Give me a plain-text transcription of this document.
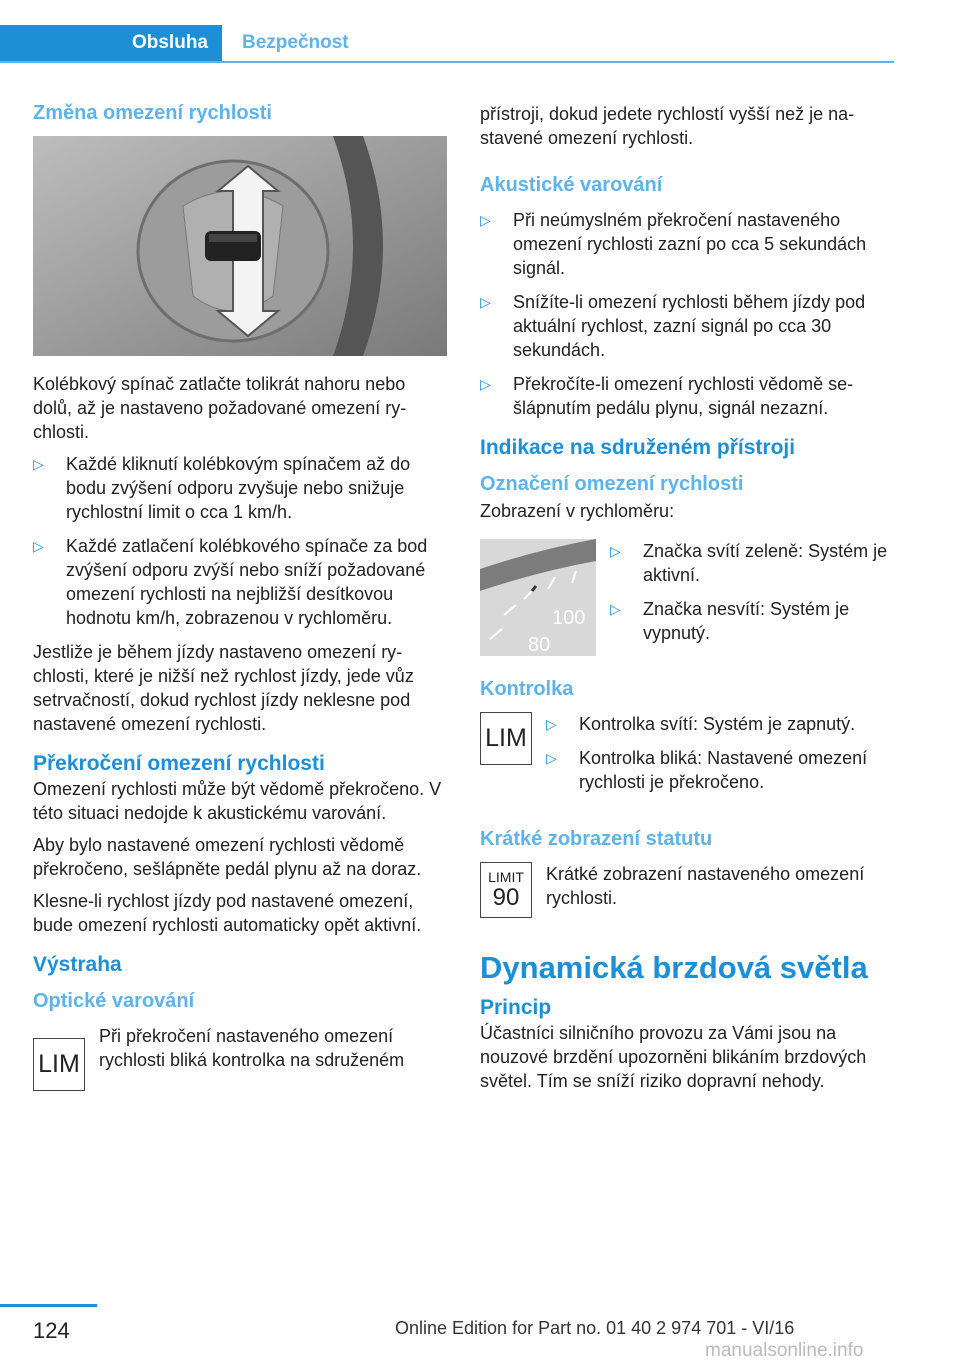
Obsluha	Bezpečnost
Změna omezení rychlosti

Kolébkový spínač zatlačte tolikrát nahoru nebo dolů, až je nastaveno požadované omezení rychlosti.

▷ Každé kliknutí kolébkovým spínačem až do bodu zvýšení odporu zvyšuje nebo snižuje rychlostní limit o cca 1 km/h.
▷ Každé zatlačení kolébkového spínače za bod zvýšení odporu zvýší nebo sníží požadované omezení rychlosti na nejbližší desítkovou hodnotu km/h, zobrazenou v rychloměru.

Jestliže je během jízdy nastaveno omezení rychlosti, které je nižší než rychlost jízdy, jede vůz setrvačností, dokud rychlost jízdy neklesne pod nastavené omezení rychlosti.

Překročení omezení rychlosti

Omezení rychlosti může být vědomě překročeno. V této situaci nedojde k akustickému varování.

Aby bylo nastavené omezení rychlosti vědomě překročeno, sešlápněte pedál plynu až na doraz.

Klesne-li rychlost jízdy pod nastavené omezení, bude omezení rychlosti automaticky opět aktivní.

Výstraha
Optické varování
LIM

Při překročení nastaveného omezení rychlosti bliká kontrolka na sdruženém

přístroji, dokud jedete rychlostí vyšší než je nastavené omezení rychlosti.

Akustické varování
▷ Při neúmyslném překročení nastaveného omezení rychlosti zazní po cca 5 sekundách signál.
▷ Snížíte-li omezení rychlosti během jízdy pod aktuální rychlost, zazní signál po cca 30 sekundách.
▷ Překročíte-li omezení rychlosti vědomě sešlápnutím pedálu plynu, signál nezazní.
Indikace na sdruženém přístroji
Označení omezení rychlosti

Zobrazení v rychloměru:

100
80
▷ Značka svítí zeleně: Systém je aktivní.
▷ Značka nesvítí: Systém je vypnutý.
Kontrolka
LIM
▷	Kontrolka svítí: Systém je zapnutý.
▷ Kontrolka bliká: Nastavené omezení rychlosti je překročeno.
Krátké zobrazení statutu
LIMIT
90

Krátké zobrazení nastaveného omezení rychlosti.

Dynamická brzdová světla
Princip

Účastníci silničního provozu za Vámi jsou na nouzové brzdění upozorněni blikáním brzdových světel. Tím se sníží riziko dopravní nehody.

124	Online Edition for Part no. 01 40 2 974 701 - VI/16
manualsonline.info
